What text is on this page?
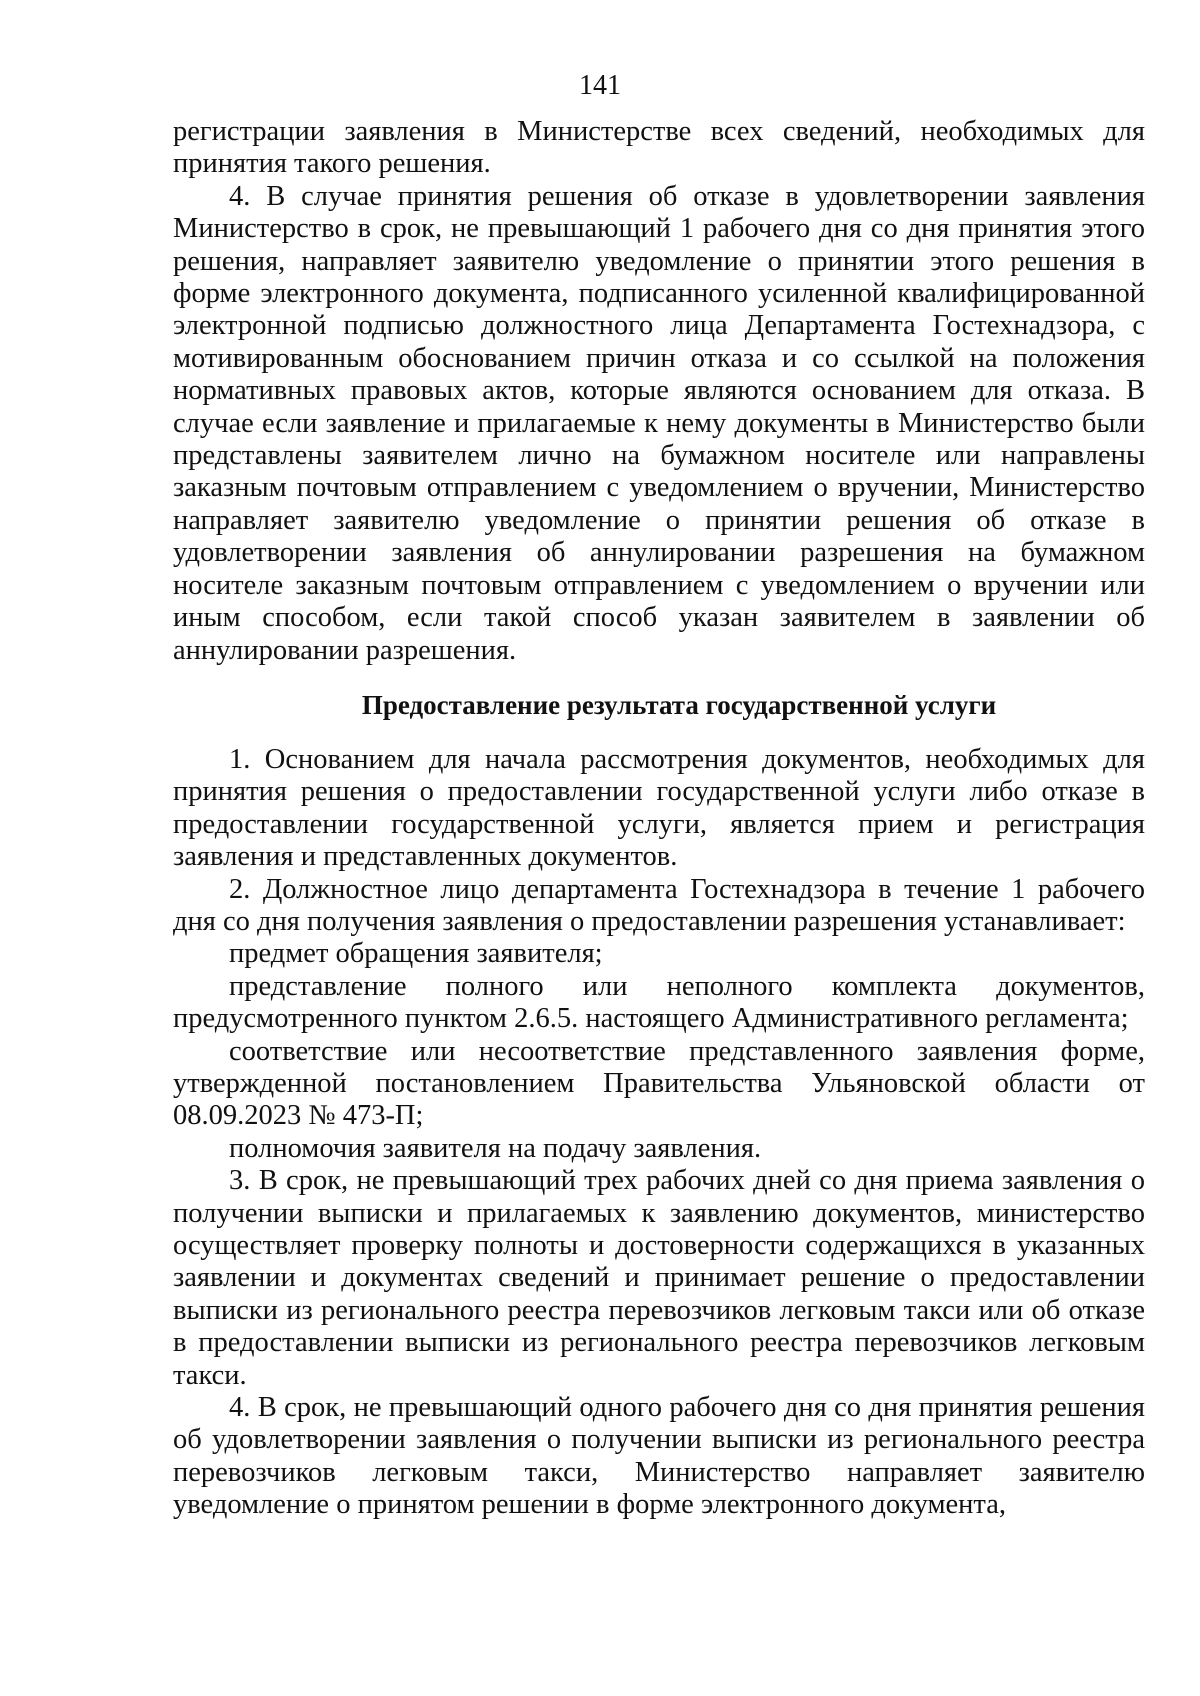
141

регистрации заявления в Министерстве всех сведений, необходимых для принятия такого решения.

4. В случае принятия решения об отказе в удовлетворении заявления Министерство в срок, не превышающий 1 рабочего дня со дня принятия этого решения, направляет заявителю уведомление о принятии этого решения в форме электронного документа, подписанного усиленной квалифицированной электронной подписью должностного лица Департамента Гостехнадзора, с мотивированным обоснованием причин отказа и со ссылкой на положения нормативных правовых актов, которые являются основанием для отказа. В случае если заявление и прилагаемые к нему документы в Министерство были представлены заявителем лично на бумажном носителе или направлены заказным почтовым отправлением с уведомлением о вручении, Министерство направляет заявителю уведомление о принятии решения об отказе в удовлетворении заявления об аннулировании разрешения на бумажном носителе заказным почтовым отправлением с уведомлением о вручении или иным способом, если такой способ указан заявителем в заявлении об аннулировании разрешения.

Предоставление результата государственной услуги

1. Основанием для начала рассмотрения документов, необходимых для принятия решения о предоставлении государственной услуги либо отказе в предоставлении государственной услуги, является прием и регистрация заявления и представленных документов.

2. Должностное лицо департамента Гостехнадзора в течение 1 рабочего дня со дня получения заявления о предоставлении разрешения устанавливает:

предмет обращения заявителя;

представление полного или неполного комплекта документов, предусмотренного пунктом 2.6.5. настоящего Административного регламента;

соответствие или несоответствие представленного заявления форме, утвержденной постановлением Правительства Ульяновской области от 08.09.2023 № 473-П;

полномочия заявителя на подачу заявления.

3. В срок, не превышающий трех рабочих дней со дня приема заявления о получении выписки и прилагаемых к заявлению документов, министерство осуществляет проверку полноты и достоверности содержащихся в указанных заявлении и документах сведений и принимает решение о предоставлении выписки из регионального реестра перевозчиков легковым такси или об отказе в предоставлении выписки из регионального реестра перевозчиков легковым такси.

4. В срок, не превышающий одного рабочего дня со дня принятия решения об удовлетворении заявления о получении выписки из регионального реестра перевозчиков легковым такси, Министерство направляет заявителю уведомление о принятом решении в форме электронного документа,
